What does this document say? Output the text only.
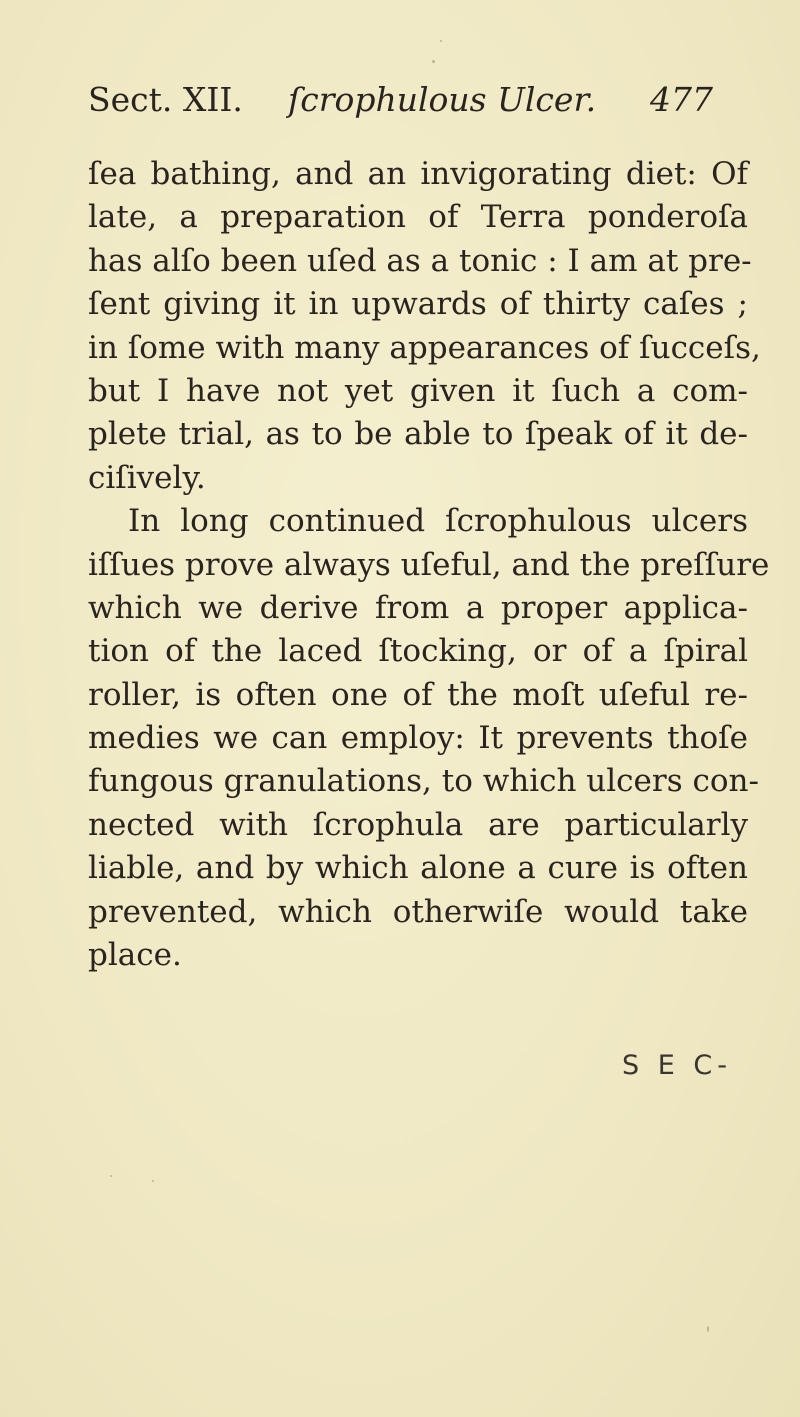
Sect. XII. ſcrophulous Ulcer. 477
ſea bathing, and an invigorating diet: Of
late, a preparation of Terra ponderoſa
has alſo been uſed as a tonic : I am at pre-
ſent giving it in upwards of thirty caſes ;
in ſome with many appearances of ſucceſs,
but I have not yet given it ſuch a com-
plete trial, as to be able to ſpeak of it de-
ciſively.
In long continued ſcrophulous ulcers
iſſues prove always uſeful, and the preſſure
which we derive from a proper applica-
tion of the laced ſtocking, or of a ſpiral
roller, is often one of the moſt uſeful re-
medies we can employ: It prevents thoſe
fungous granulations, to which ulcers con-
nected with ſcrophula are particularly
liable, and by which alone a cure is often
prevented, which otherwiſe would take
place.
S E C-
